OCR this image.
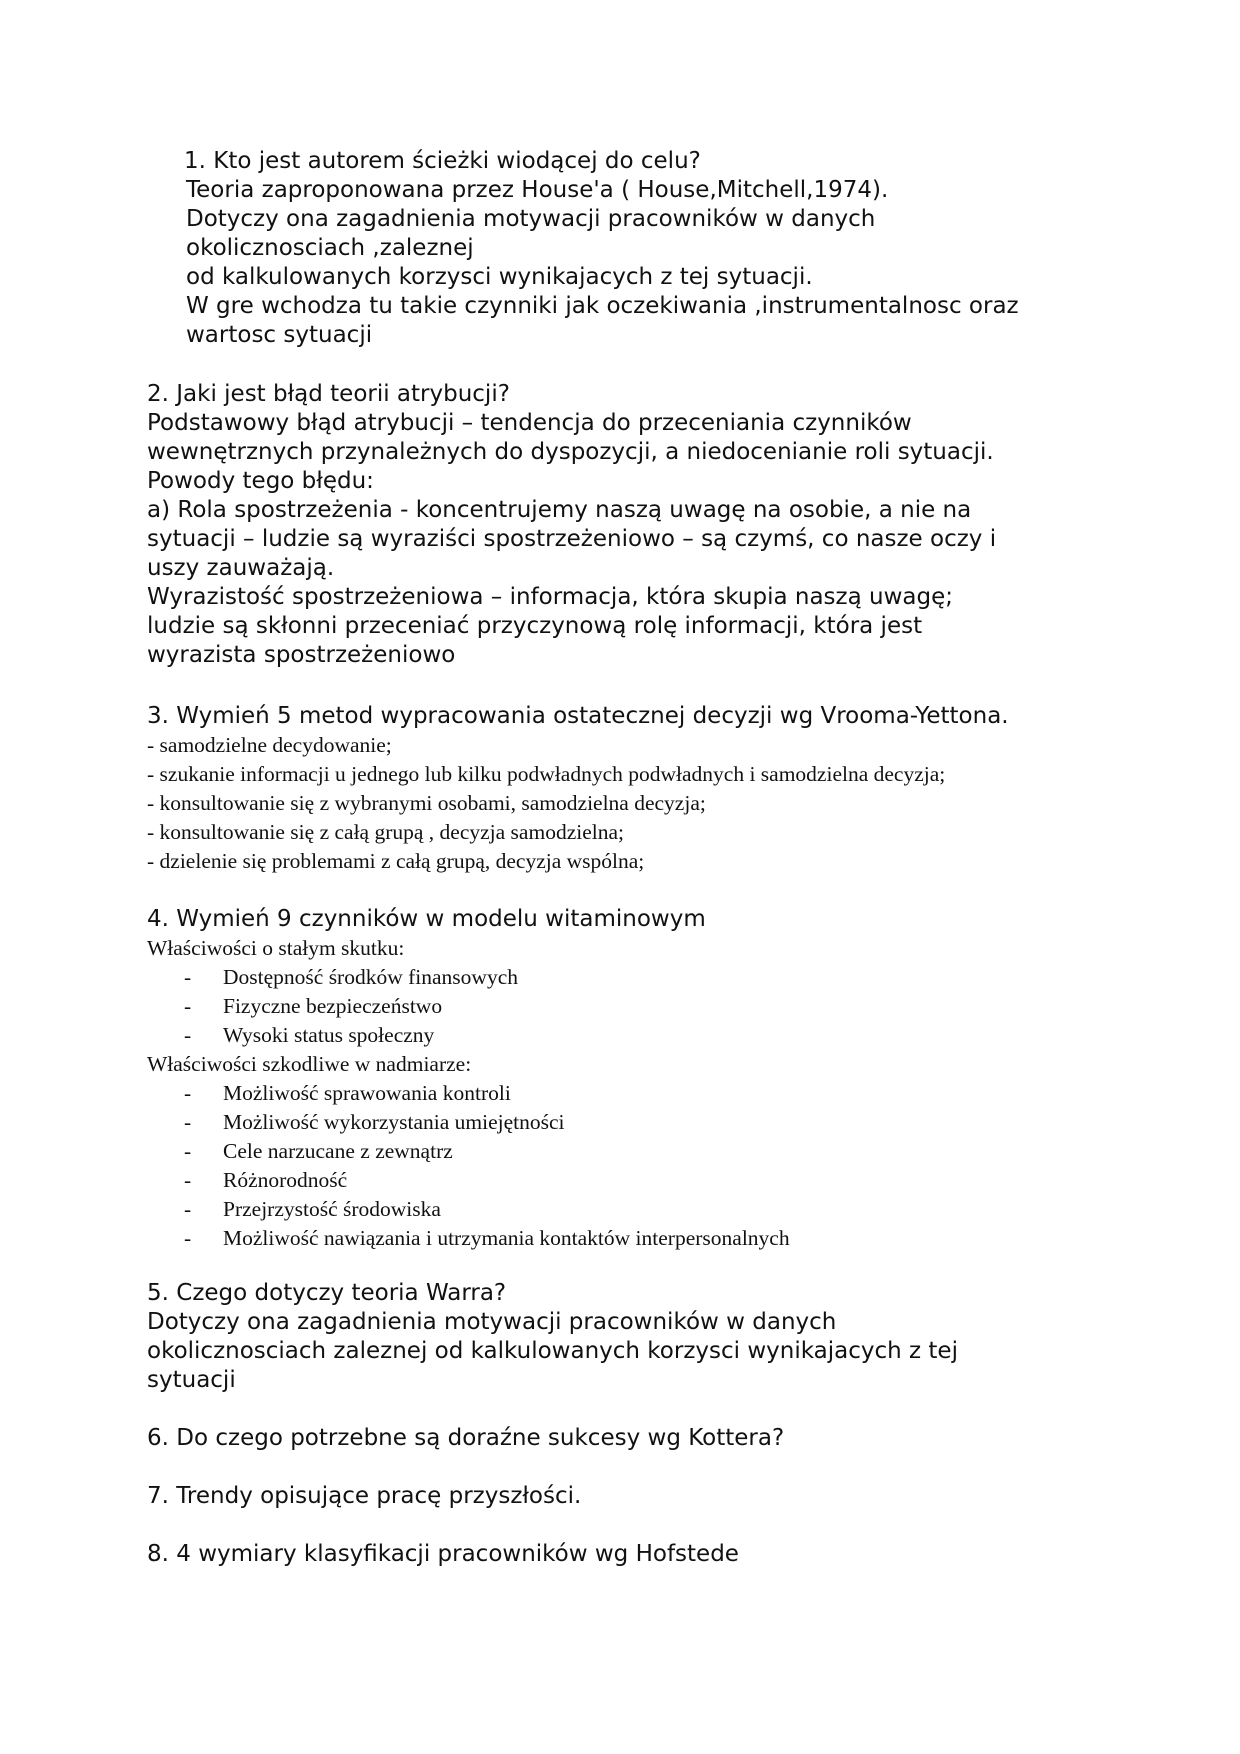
1. Kto jest autorem ścieżki wiodącej do celu?
Teoria zaproponowana przez House'a ( House,Mitchell,1974).
Dotyczy ona zagadnienia motywacji pracowników w danych
okolicznosciach ,zaleznej
od kalkulowanych korzysci wynikajacych z tej sytuacji.
W gre wchodza tu takie czynniki jak oczekiwania ,instrumentalnosc oraz
wartosc sytuacji
2. Jaki jest błąd teorii atrybucji?
Podstawowy błąd atrybucji – tendencja do przeceniania czynników
wewnętrznych przynależnych do dyspozycji, a niedocenianie roli sytuacji.
Powody tego błędu:
a) Rola spostrzeżenia - koncentrujemy naszą uwagę na osobie, a nie na
sytuacji – ludzie są wyraziści spostrzeżeniowo – są czymś, co nasze oczy i
uszy zauważają.
Wyrazistość spostrzeżeniowa – informacja, która skupia naszą uwagę;
ludzie są skłonni przeceniać przyczynową rolę informacji, która jest
wyrazista spostrzeżeniowo
3. Wymień 5 metod wypracowania ostatecznej decyzji wg Vrooma-Yettona.
- samodzielne decydowanie;
- szukanie informacji u jednego lub kilku podwładnych podwładnych i samodzielna decyzja;
- konsultowanie się z wybranymi osobami, samodzielna decyzja;
- konsultowanie się z całą grupą , decyzja samodzielna;
- dzielenie się problemami z całą grupą, decyzja wspólna;
4. Wymień 9 czynników w modelu witaminowym
Właściwości o stałym skutku:
- Dostępność środków finansowych
- Fizyczne bezpieczeństwo
- Wysoki status społeczny
Właściwości szkodliwe w nadmiarze:
- Możliwość sprawowania kontroli
- Możliwość wykorzystania umiejętności
- Cele narzucane z zewnątrz
- Różnorodność
- Przejrzystość środowiska
- Możliwość nawiązania i utrzymania kontaktów interpersonalnych
5. Czego dotyczy teoria Warra?
Dotyczy ona zagadnienia motywacji pracowników w danych
okolicznosciach zaleznej od kalkulowanych korzysci wynikajacych z tej
sytuacji
6. Do czego potrzebne są doraźne sukcesy wg Kottera?
7. Trendy opisujące pracę przyszłości.
8. 4 wymiary klasyfikacji pracowników wg Hofstede
